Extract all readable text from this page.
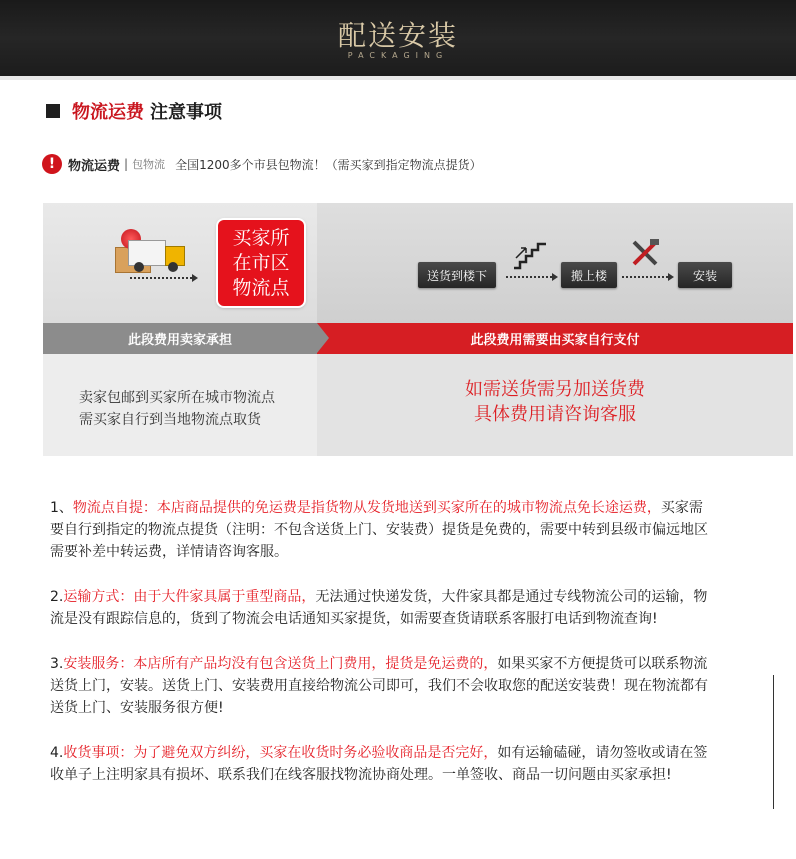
配送安装
PACKAGING
物流运费 注意事项
! 物流运费 | 包物流 全国1200多个市县包物流！（需买家到指定物流点提货）
买家所
在市区
物流点
送货到楼下	搬上楼	安装
此段费用卖家承担	此段费用需要由买家自行支付
卖家包邮到买家所在城市物流点
需买家自行到当地物流点取货
如需送货需另加送货费
具体费用请咨询客服
1、物流点自提：本店商品提供的免运费是指货物从发货地送到买家所在的城市物流点免长途运费，买家需要自行到指定的物流点提货（注明：不包含送货上门、安装费）提货是免费的，需要中转到县级市偏远地区需要补差中转运费，详情请咨询客服。
2.运输方式：由于大件家具属于重型商品，无法通过快递发货，大件家具都是通过专线物流公司的运输，物流是没有跟踪信息的，货到了物流会电话通知买家提货，如需要查货请联系客服打电话到物流查询!
3.安装服务：本店所有产品均没有包含送货上门费用，提货是免运费的，如果买家不方便提货可以联系物流送货上门，安装。送货上门、安装费用直接给物流公司即可，我们不会收取您的配送安装费！现在物流都有送货上门、安装服务很方便!
4.收货事项：为了避免双方纠纷，买家在收货时务必验收商品是否完好，如有运输磕碰，请勿签收或请在签收单子上注明家具有损坏、联系我们在线客服找物流协商处理。一单签收、商品一切问题由买家承担!
